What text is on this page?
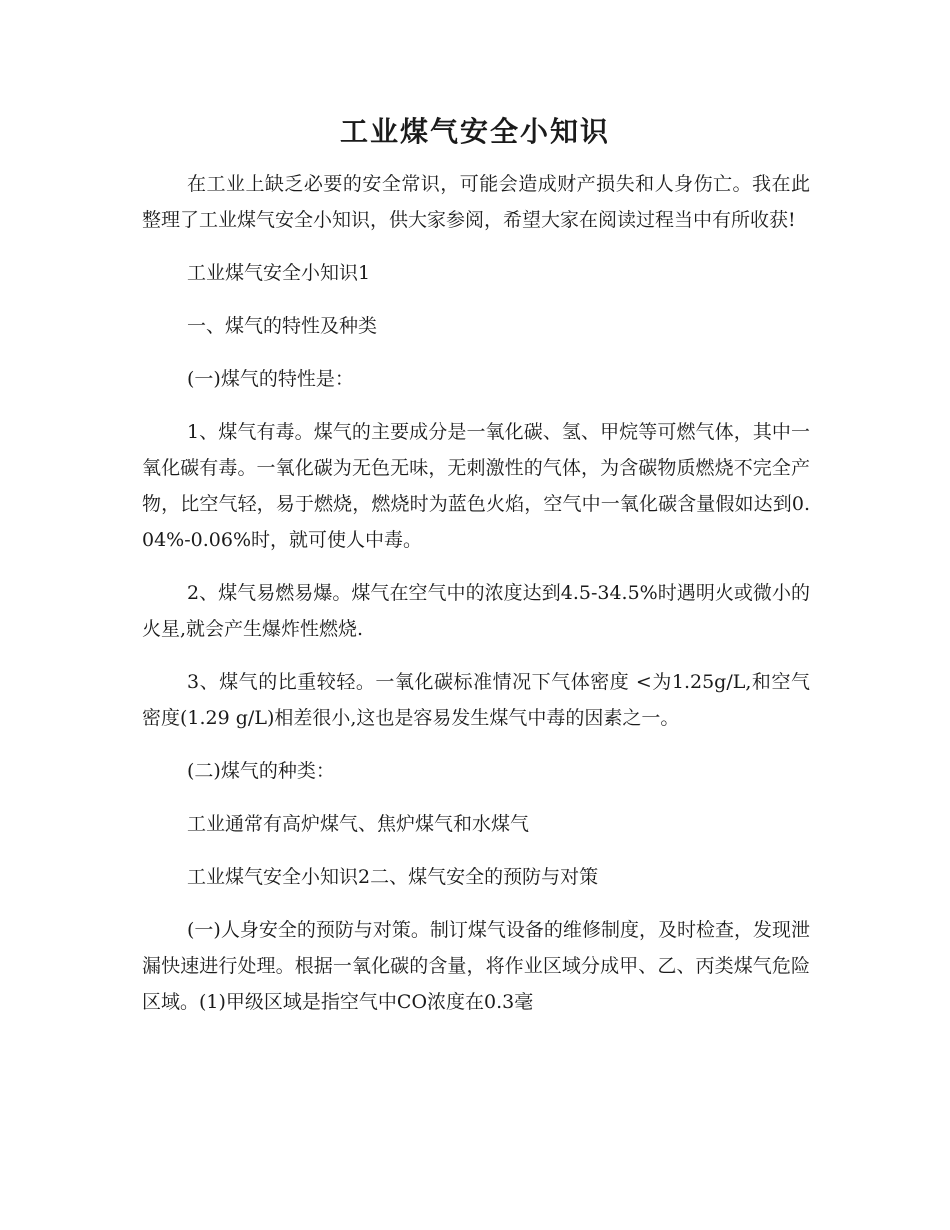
工业煤气安全小知识

在工业上缺乏必要的安全常识，可能会造成财产损失和人身伤亡。我在此整理了工业煤气安全小知识，供大家参阅，希望大家在阅读过程当中有所收获!

工业煤气安全小知识1

一、煤气的特性及种类

(一)煤气的特性是：

1、煤气有毒。煤气的主要成分是一氧化碳、氢、甲烷等可燃气体，其中一氧化碳有毒。一氧化碳为无色无味，无刺激性的气体，为含碳物质燃烧不完全产物，比空气轻，易于燃烧，燃烧时为蓝色火焰，空气中一氧化碳含量假如达到0.04%-0.06%时，就可使人中毒。

2、煤气易燃易爆。煤气在空气中的浓度达到4.5-34.5%时遇明火或微小的火星,就会产生爆炸性燃烧.

3、煤气的比重较轻。一氧化碳标准情况下气体密度 <为1.25g/L,和空气密度(1.29 g/L)相差很小,这也是容易发生煤气中毒的因素之一。

(二)煤气的种类：

工业通常有高炉煤气、焦炉煤气和水煤气

工业煤气安全小知识2二、煤气安全的预防与对策

(一)人身安全的预防与对策。制订煤气设备的维修制度，及时检查，发现泄漏快速进行处理。根据一氧化碳的含量，将作业区域分成甲、乙、丙类煤气危险区域。(1)甲级区域是指空气中CO浓度在0.3毫
